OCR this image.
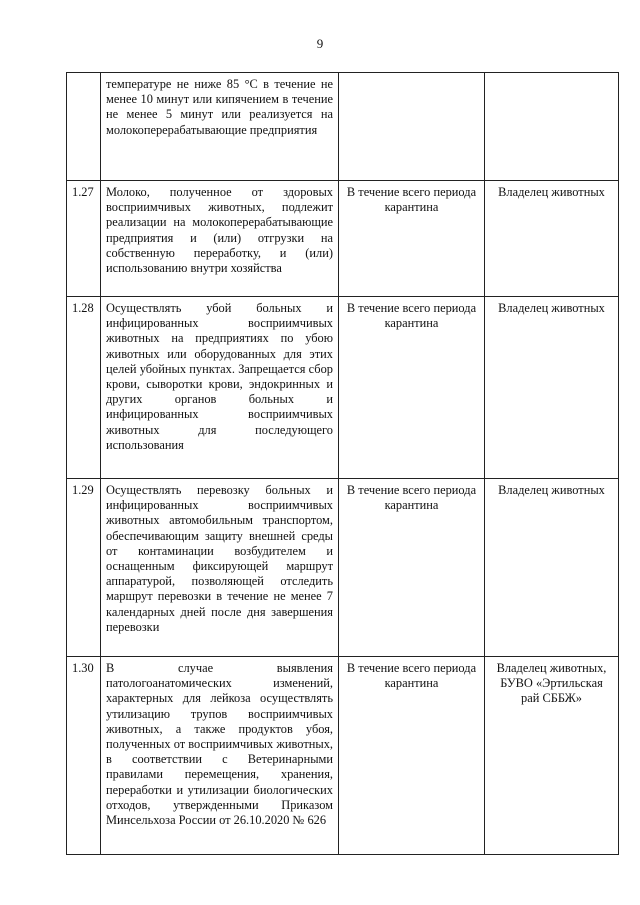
9

	температуре не ниже 85 °С в течение не менее 10 минут или кипячением в течение не менее 5 минут или реализуется на молокоперерабатывающие предприятия		

1.27	Молоко, полученное от здоровых восприимчивых животных, подлежит реализации на молокоперерабатывающие предприятия и (или) отгрузки на собственную переработку, и (или) использованию внутри хозяйства	В течение всего периода карантина	Владелец животных
1.28	Осуществлять убой больных и инфицированных восприимчивых животных на предприятиях по убою животных или оборудованных для этих целей убойных пунктах. Запрещается сбор крови, сыворотки крови, эндокринных и других органов больных и инфицированных восприимчивых животных для последующего использования	В течение всего периода карантина	Владелец животных
1.29	Осуществлять перевозку больных и инфицированных восприимчивых животных автомобильным транспортом, обеспечивающим защиту внешней среды от контаминации возбудителем и оснащенным фиксирующей маршрут аппаратурой, позволяющей отследить маршрут перевозки в течение не менее 7 календарных дней после дня завершения перевозки	В течение всего периода карантина	Владелец животных
1.30	В случае выявления патологоанатомических изменений, характерных для лейкоза осуществлять утилизацию трупов восприимчивых животных, а также продуктов убоя, полученных от восприимчивых животных, в соответствии с Ветеринарными правилами перемещения, хранения, переработки и утилизации биологических отходов, утвержденными Приказом Минсельхоза России от 26.10.2020 № 626	В течение всего периода карантина	Владелец животных, БУВО «Эртильская рай СББЖ»
